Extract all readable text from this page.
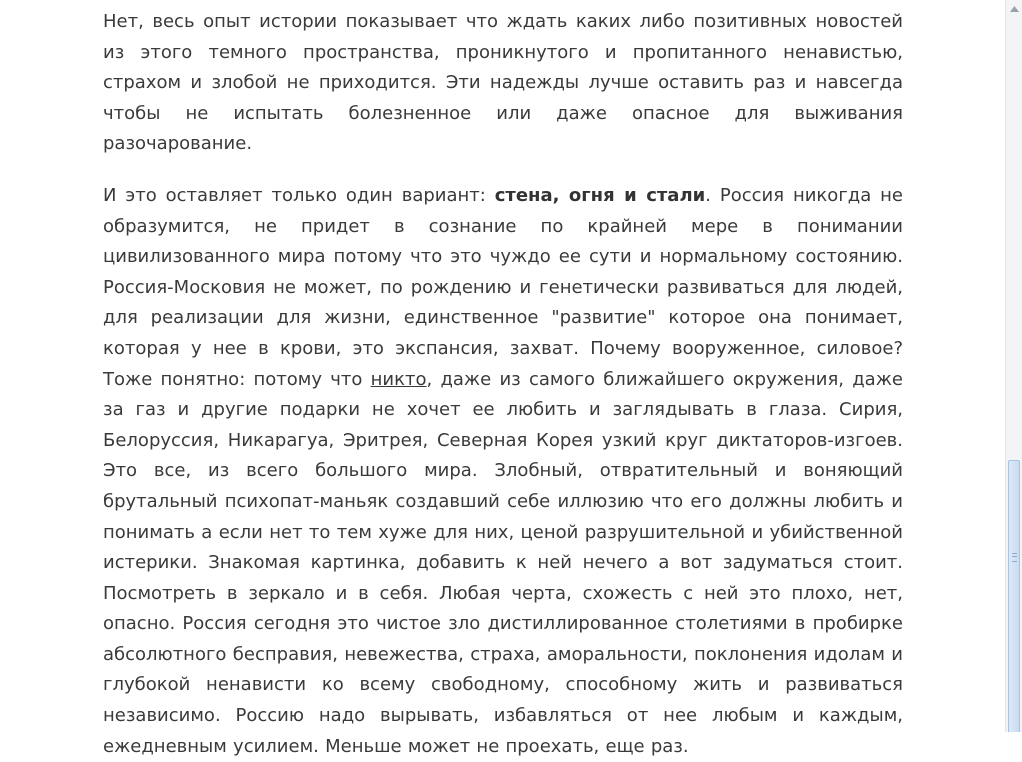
Нет, весь опыт истории показывает что ждать каких либо позитивных новостей из этого темного пространства, проникнутого и пропитанного ненавистью, страхом и злобой не приходится. Эти надежды лучше оставить раз и навсегда чтобы не испытать болезненное или даже опасное для выживания разочарование.

И это оставляет только один вариант: стена, огня и стали. Россия никогда не образумится, не придет в сознание по крайней мере в понимании цивилизованного мира потому что это чуждо ее сути и нормальному состоянию. Россия-Московия не может, по рождению и генетически развиваться для людей, для реализации для жизни, единственное "развитие" которое она понимает, которая у нее в крови, это экспансия, захват. Почему вооруженное, силовое? Тоже понятно: потому что никто, даже из самого ближайшего окружения, даже за газ и другие подарки не хочет ее любить и заглядывать в глаза. Сирия, Белоруссия, Никарагуа, Эритрея, Северная Корея узкий круг диктаторов-изгоев. Это все, из всего большого мира. Злобный, отвратительный и воняющий брутальный психопат-маньяк создавший себе иллюзию что его должны любить и понимать а если нет то тем хуже для них, ценой разрушительной и убийственной истерики. Знакомая картинка, добавить к ней нечего а вот задуматься стоит. Посмотреть в зеркало и в себя. Любая черта, схожесть с ней это плохо, нет, опасно. Россия сегодня это чистое зло дистиллированное столетиями в пробирке абсолютного бесправия, невежества, страха, аморальности, поклонения идолам и глубокой ненависти ко всему свободному, способному жить и развиваться независимо. Россию надо вырывать, избавляться от нее любым и каждым, ежедневным усилием. Меньше может не проехать, еще раз.
